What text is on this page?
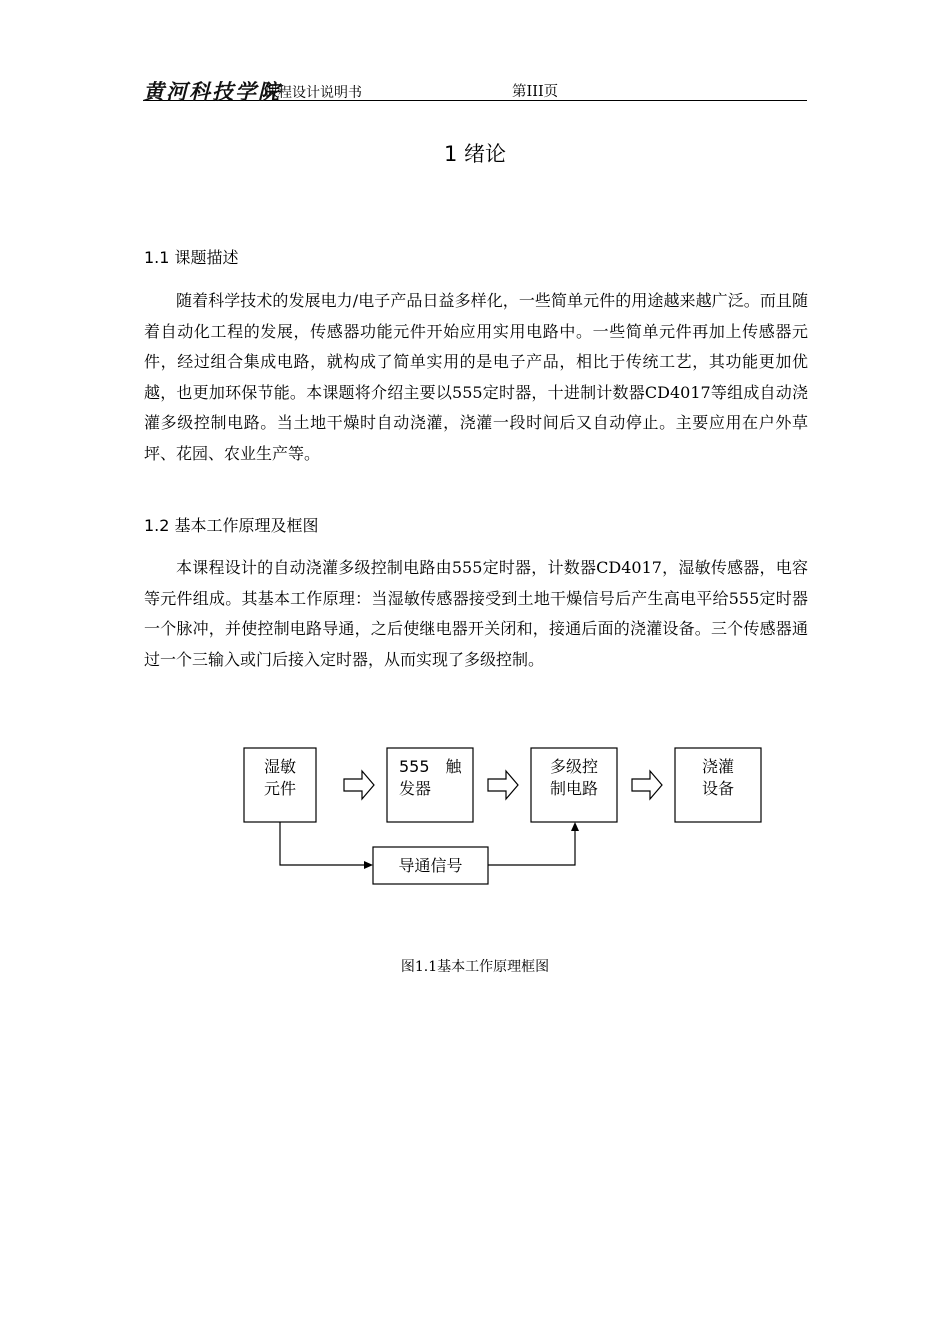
黄河科技学院
课程设计说明书	第III页
1 绪论
1.1 课题描述

随着科学技术的发展电力/电子产品日益多样化，一些简单元件的用途越来越广泛。而且随着自动化工程的发展，传感器功能元件开始应用实用电路中。一些简单元件再加上传感器元件，经过组合集成电路，就构成了简单实用的是电子产品，相比于传统工艺，其功能更加优越，也更加环保节能。本课题将介绍主要以555定时器，十进制计数器CD4017等组成自动浇灌多级控制电路。当土地干燥时自动浇灌，浇灌一段时间后又自动停止。主要应用在户外草坪、花园、农业生产等。

1.2 基本工作原理及框图

本课程设计的自动浇灌多级控制电路由555定时器，计数器CD4017，湿敏传感器，电容等元件组成。其基本工作原理：当湿敏传感器接受到土地干燥信号后产生高电平给555定时器一个脉冲，并使控制电路导通，之后使继电器开关闭和，接通后面的浇灌设备。三个传感器通过一个三输入或门后接入定时器，从而实现了多级控制。

湿敏
元件
555　触
发器
多级控
制电路
浇灌
设备
导通信号
图1.1基本工作原理框图
